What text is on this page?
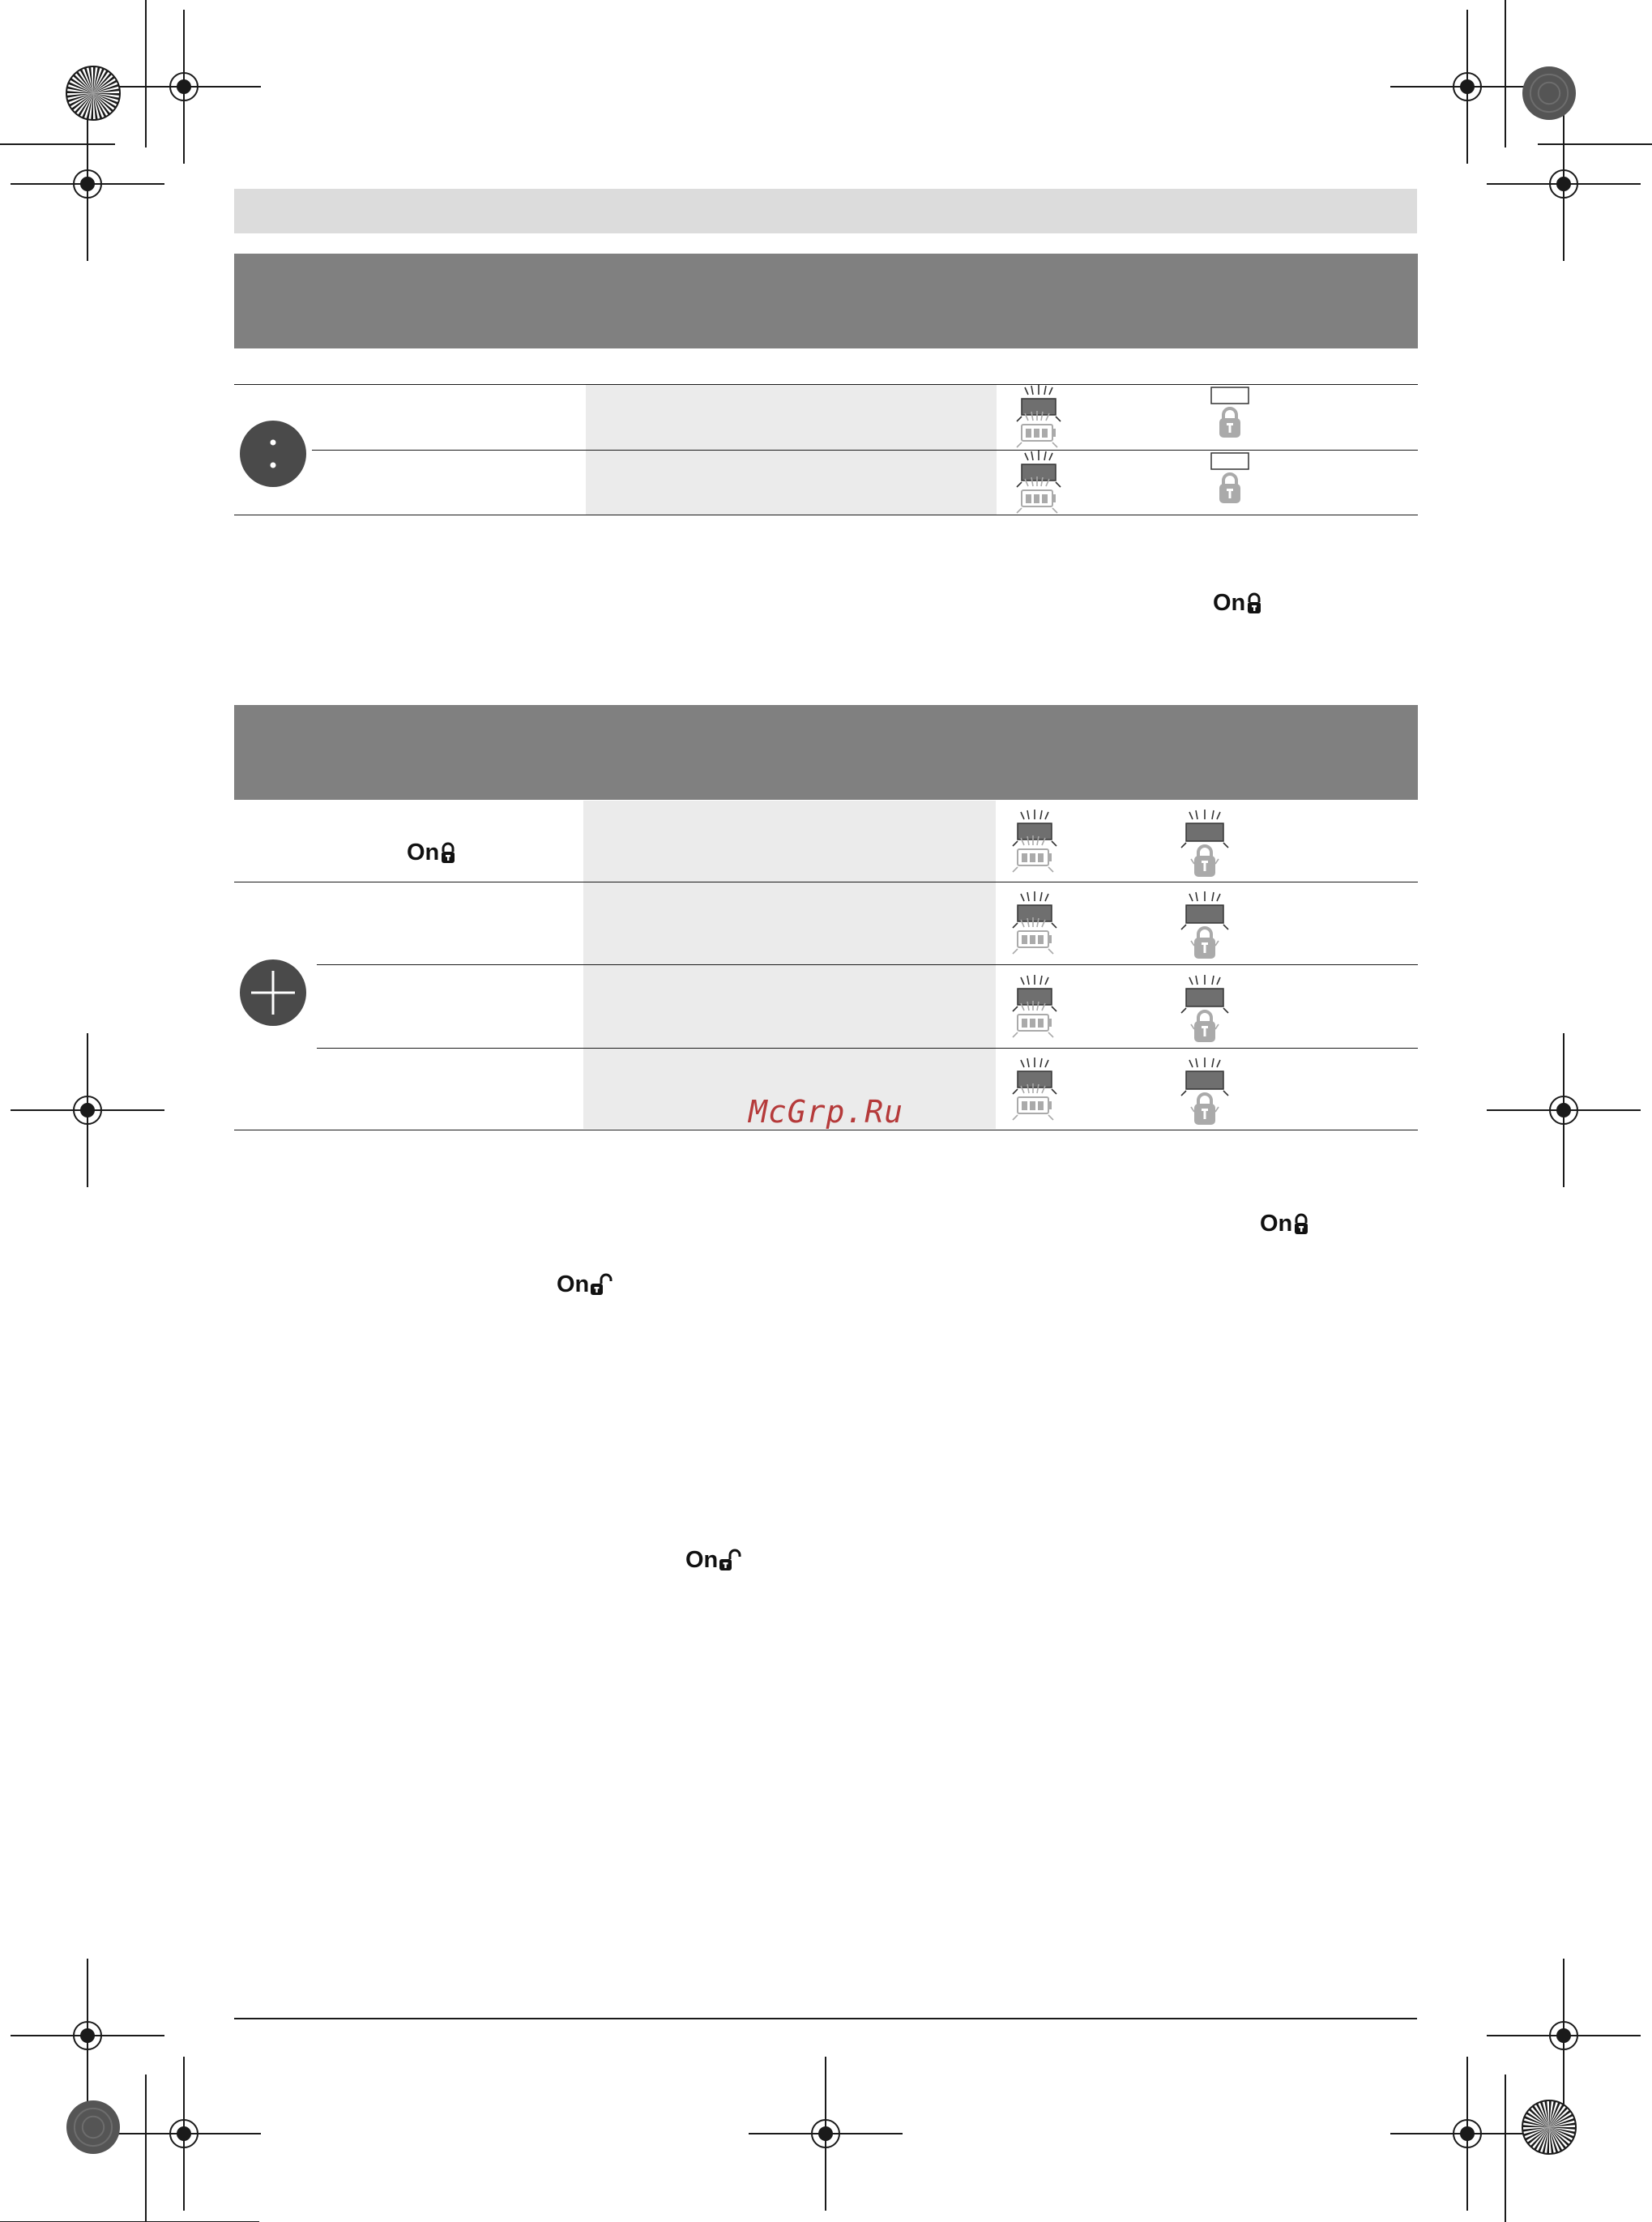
On
On
McGrp.Ru
On
On
On
